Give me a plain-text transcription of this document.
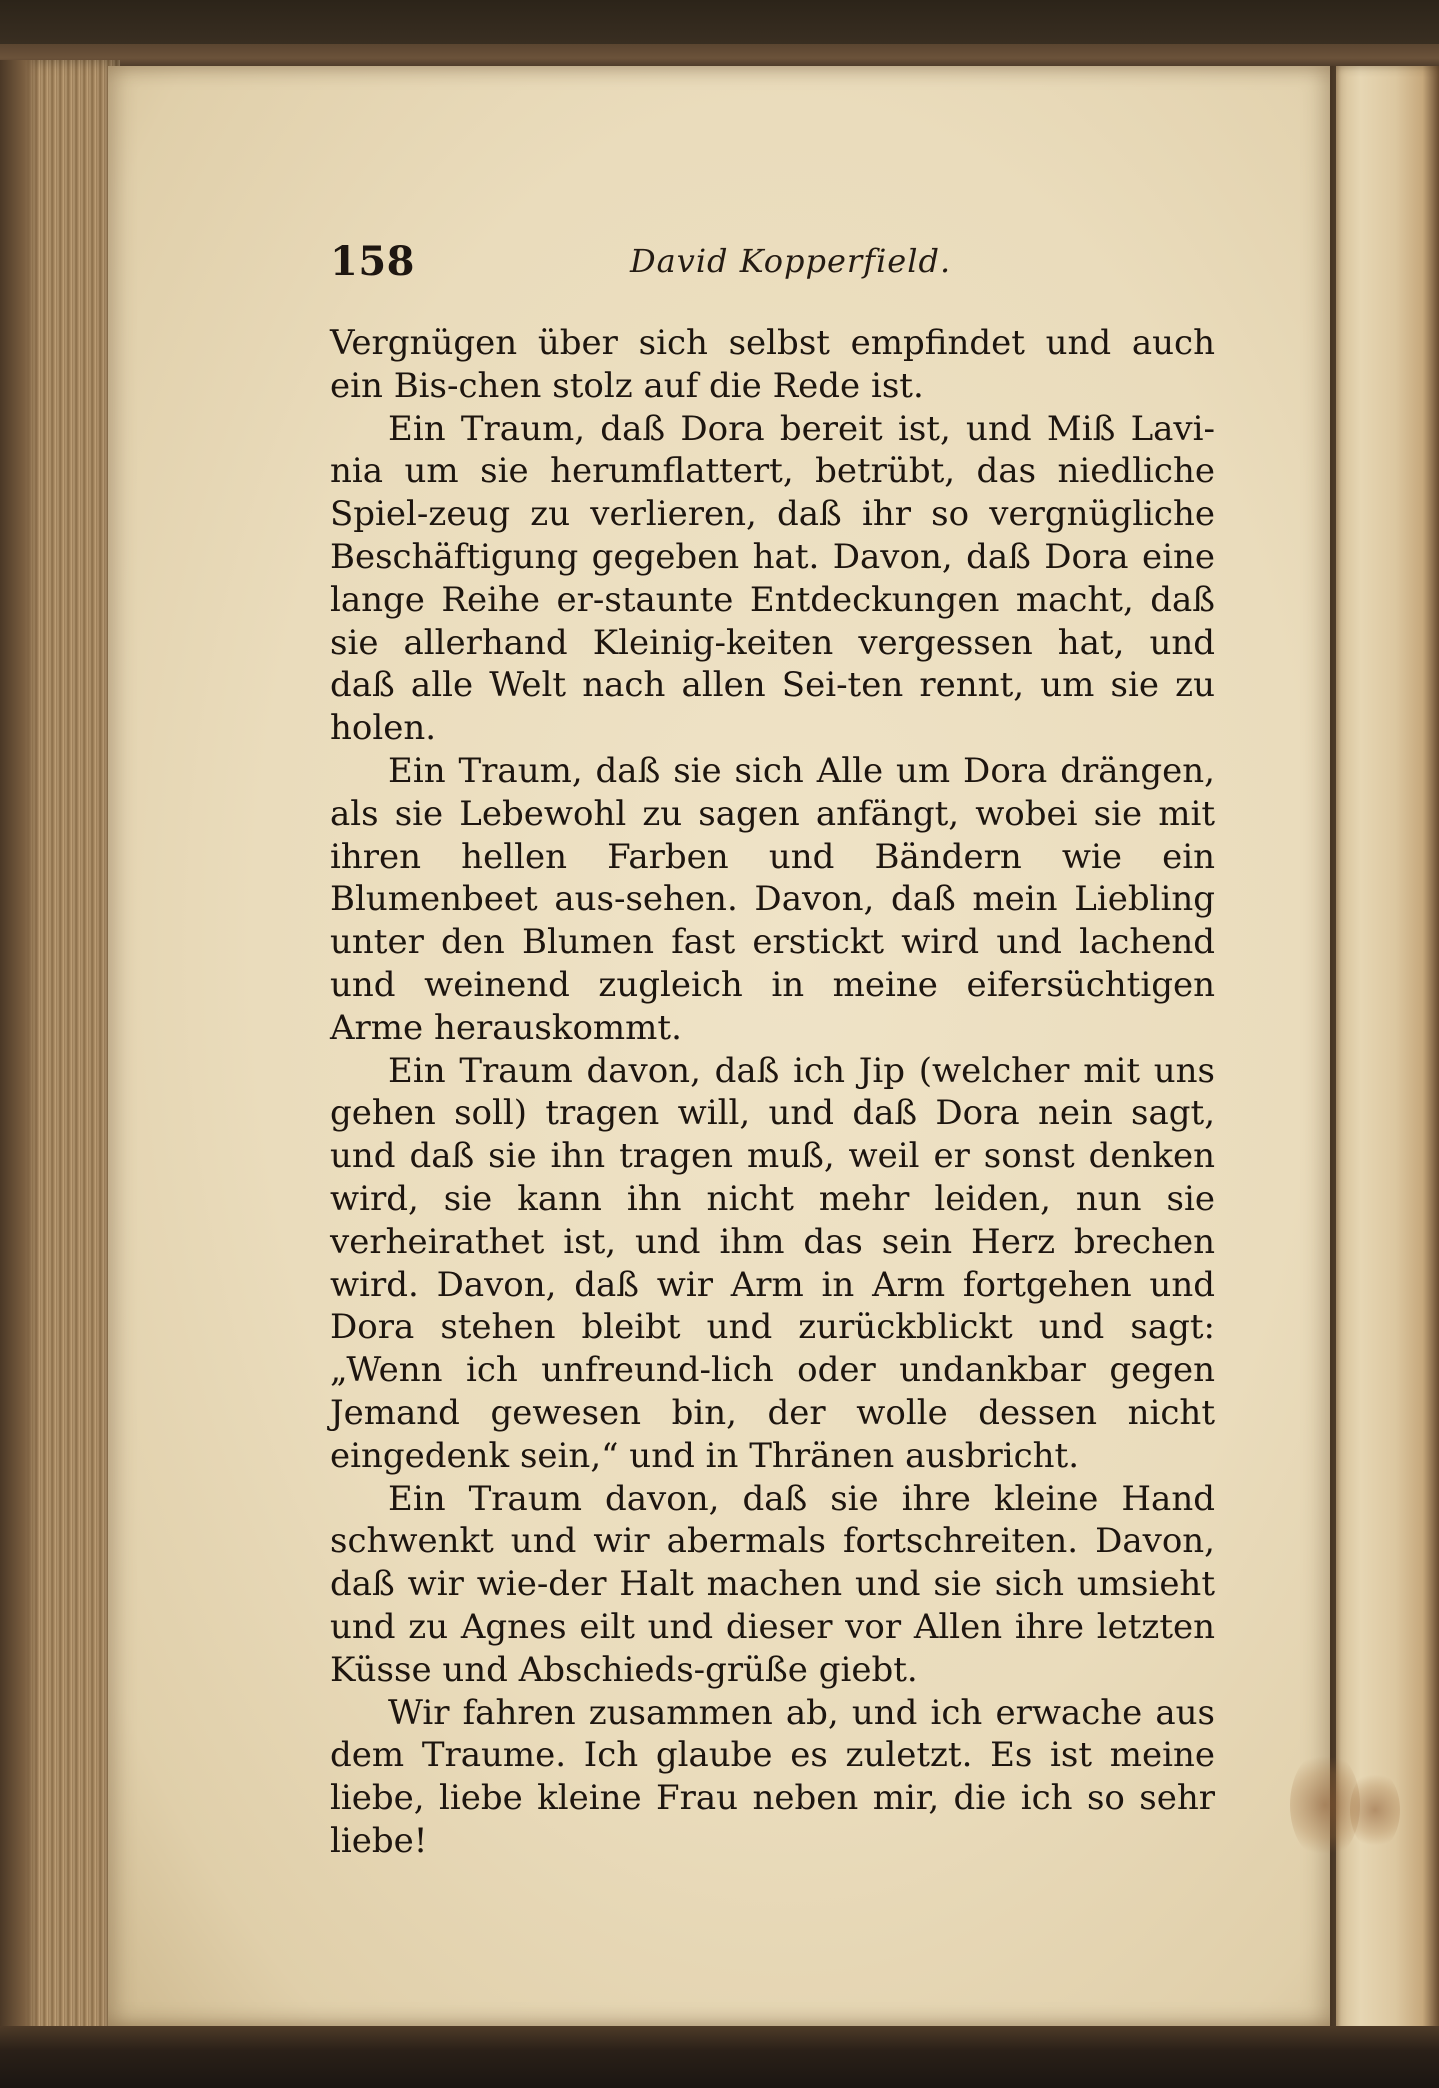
158	David Kopperfield.

Vergnügen über sich selbst empfindet und auch ein Bis-chen stolz auf die Rede ist.

Ein Traum, daß Dora bereit ist, und Miß Lavi-nia um sie herumflattert, betrübt, das niedliche Spiel-zeug zu verlieren, daß ihr so vergnügliche Beschäftigung gegeben hat. Davon, daß Dora eine lange Reihe er-staunte Entdeckungen macht, daß sie allerhand Kleinig-keiten vergessen hat, und daß alle Welt nach allen Sei-ten rennt, um sie zu holen.

Ein Traum, daß sie sich Alle um Dora drängen, als sie Lebewohl zu sagen anfängt, wobei sie mit ihren hellen Farben und Bändern wie ein Blumenbeet aus-sehen. Davon, daß mein Liebling unter den Blumen fast erstickt wird und lachend und weinend zugleich in meine eifersüchtigen Arme herauskommt.

Ein Traum davon, daß ich Jip (welcher mit uns gehen soll) tragen will, und daß Dora nein sagt, und daß sie ihn tragen muß, weil er sonst denken wird, sie kann ihn nicht mehr leiden, nun sie verheirathet ist, und ihm das sein Herz brechen wird. Davon, daß wir Arm in Arm fortgehen und Dora stehen bleibt und zurückblickt und sagt: „Wenn ich unfreund-lich oder undankbar gegen Jemand gewesen bin, der wolle dessen nicht eingedenk sein,“ und in Thränen ausbricht.

Ein Traum davon, daß sie ihre kleine Hand schwenkt und wir abermals fortschreiten. Davon, daß wir wie-der Halt machen und sie sich umsieht und zu Agnes eilt und dieser vor Allen ihre letzten Küsse und Abschieds-grüße giebt.

Wir fahren zusammen ab, und ich erwache aus dem Traume. Ich glaube es zuletzt. Es ist meine liebe, liebe kleine Frau neben mir, die ich so sehr liebe!
